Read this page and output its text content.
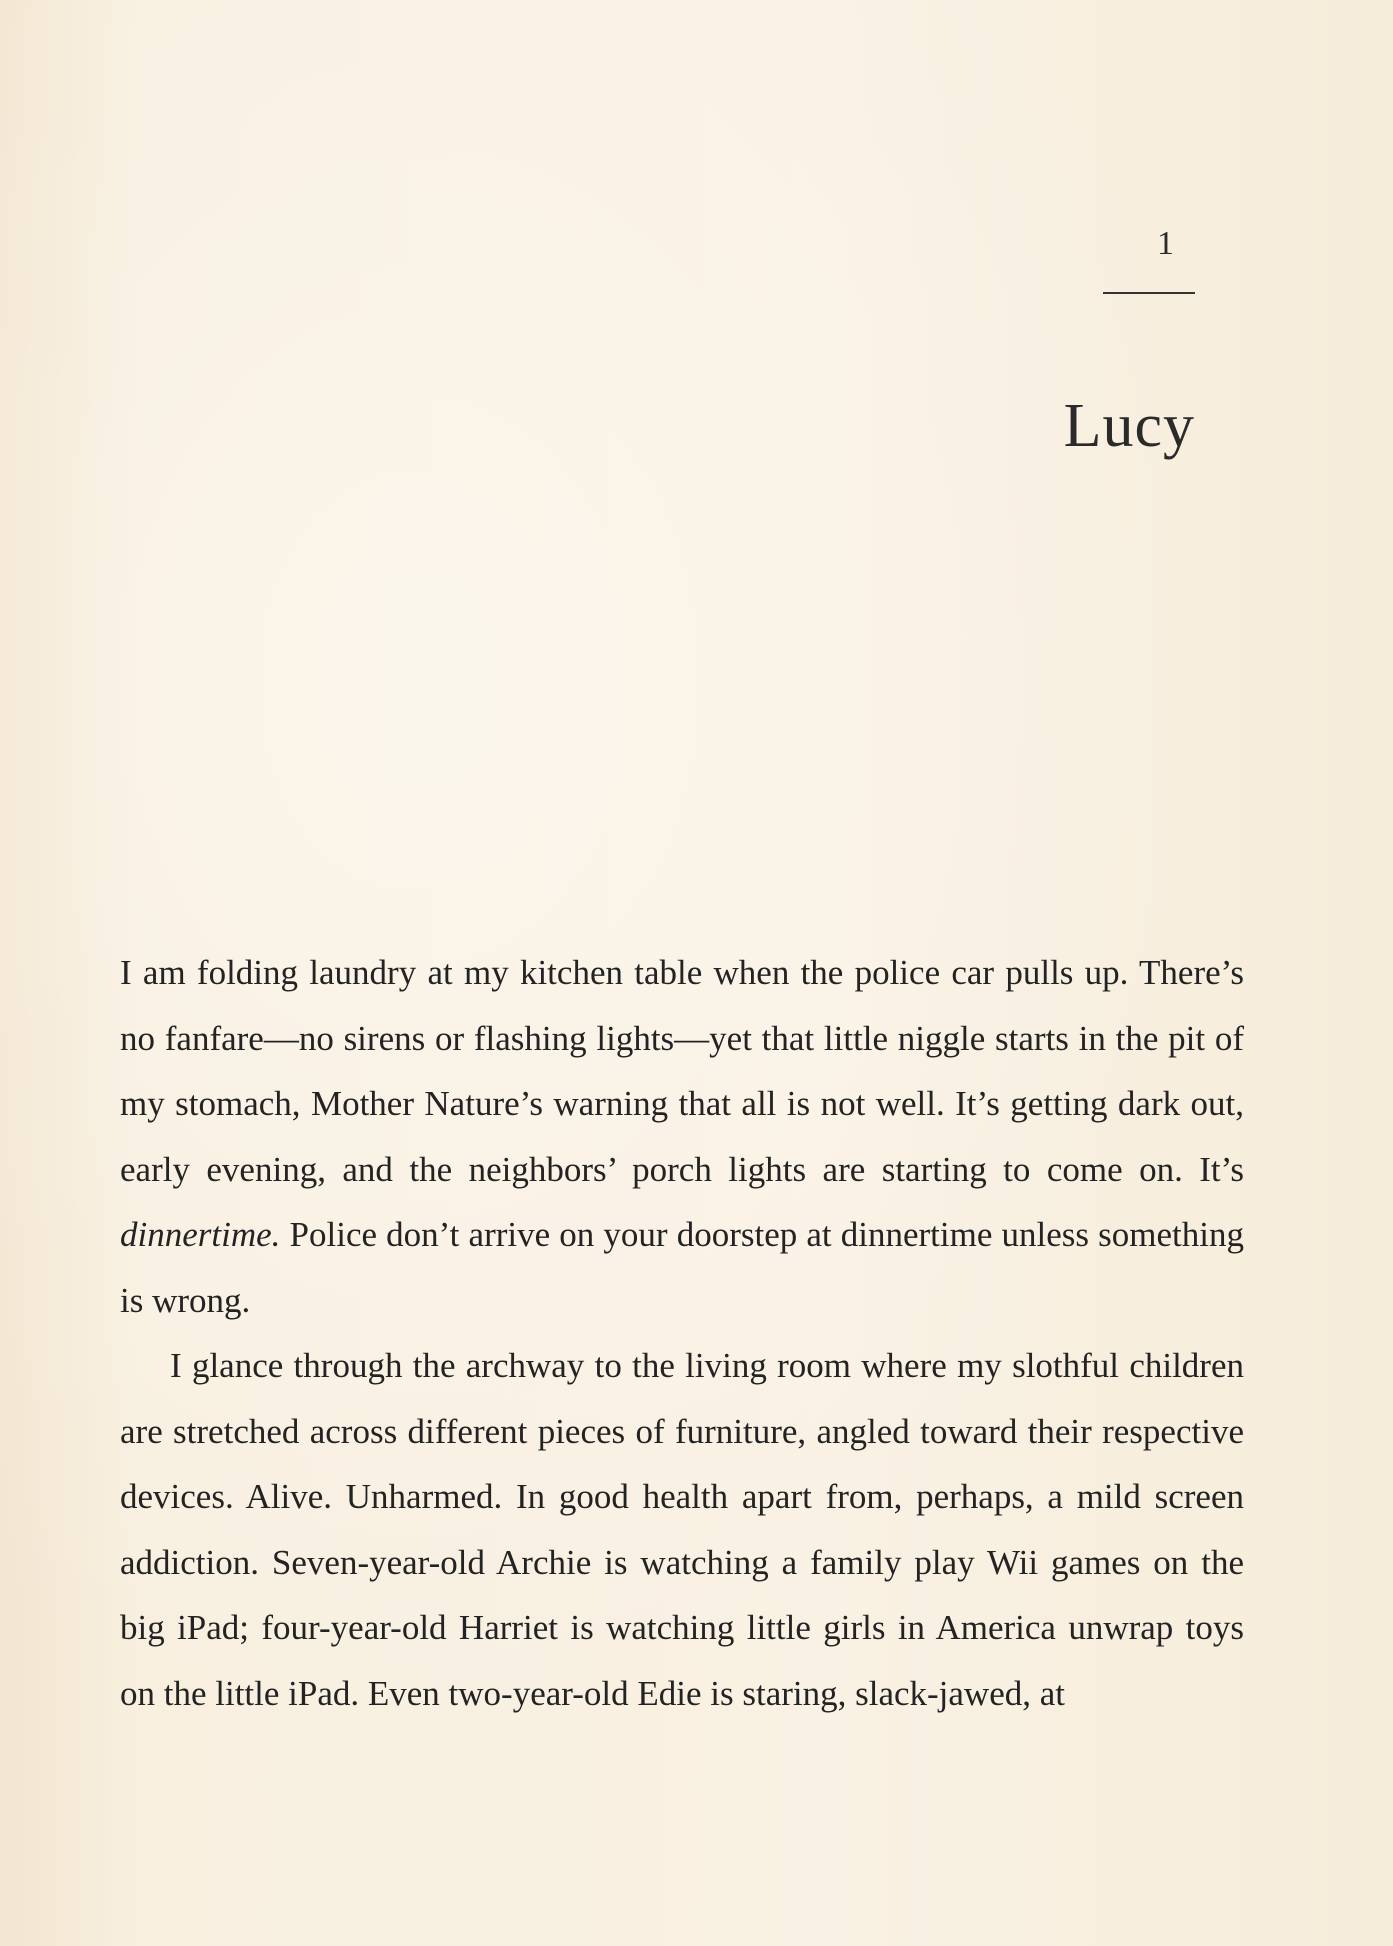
1
Lucy

I am folding laundry at my kitchen table when the police car pulls up. There’s no fanfare—no sirens or flashing lights—yet that little niggle starts in the pit of my stomach, Mother Nature’s warning that all is not well. It’s getting dark out, early evening, and the neighbors’ porch lights are starting to come on. It’s dinnertime. Police don’t arrive on your doorstep at dinnertime unless something is wrong.

I glance through the archway to the living room where my slothful children are stretched across different pieces of furniture, angled toward their respective devices. Alive. Unharmed. In good health apart from, perhaps, a mild screen addiction. Seven-year-old Archie is watching a family play Wii games on the big iPad; four-year-old Harriet is watching little girls in America unwrap toys on the little iPad. Even two-year-old Edie is staring, slack-jawed, at
